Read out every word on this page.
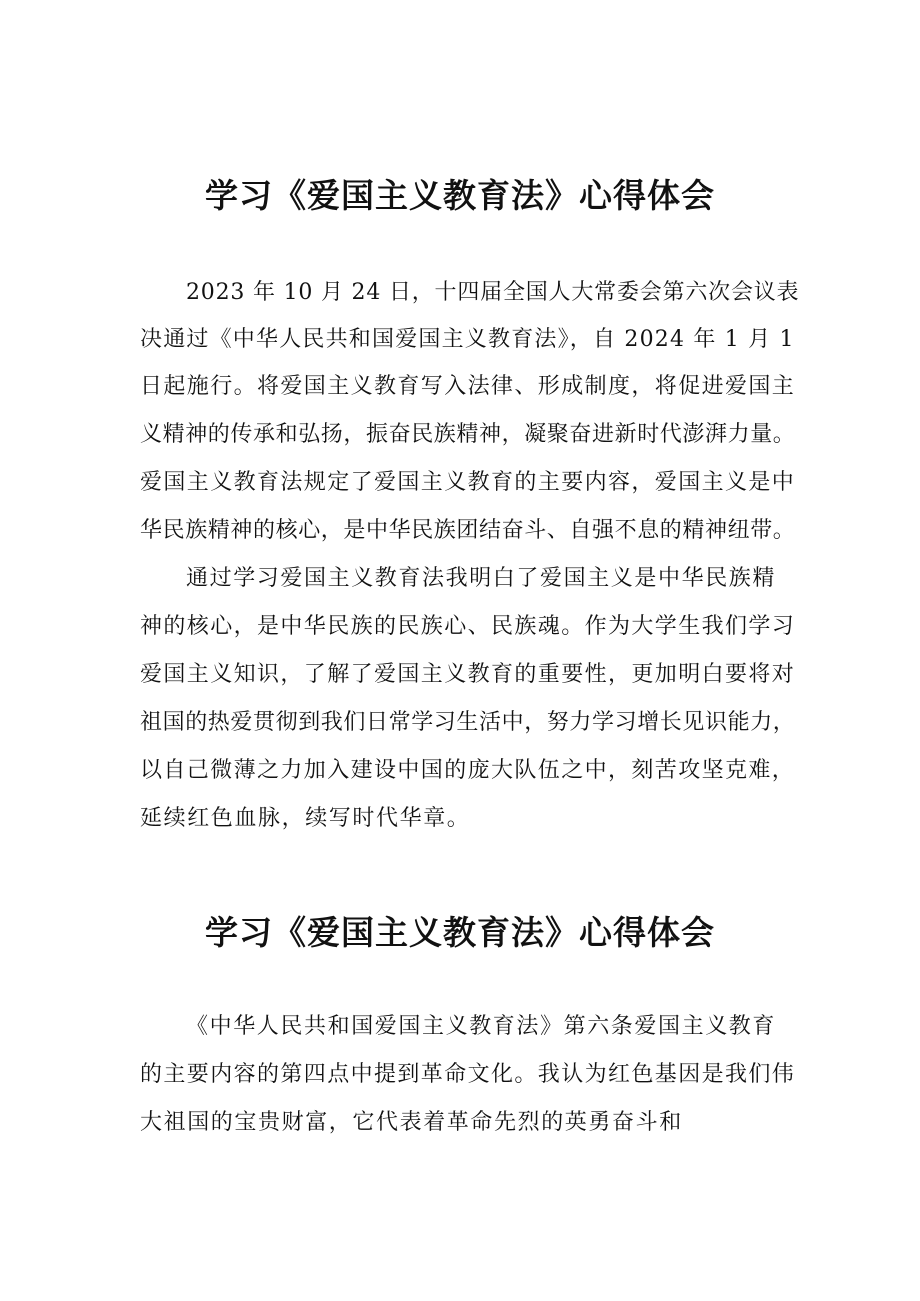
学习《爱国主义教育法》心得体会
2023 年 10 月 24 日，十四届全国人大常委会第六次会议表
决通过《中华人民共和国爱国主义教育法》，自 2024 年 1 月 1
日起施行。将爱国主义教育写入法律、形成制度，将促进爱国主
义精神的传承和弘扬，振奋民族精神，凝聚奋进新时代澎湃力量。
爱国主义教育法规定了爱国主义教育的主要内容，爱国主义是中
华民族精神的核心，是中华民族团结奋斗、自强不息的精神纽带。
通过学习爱国主义教育法我明白了爱国主义是中华民族精
神的核心，是中华民族的民族心、民族魂。作为大学生我们学习
爱国主义知识，了解了爱国主义教育的重要性，更加明白要将对
祖国的热爱贯彻到我们日常学习生活中，努力学习增长见识能力，
以自己微薄之力加入建设中国的庞大队伍之中，刻苦攻坚克难，
延续红色血脉，续写时代华章。
学习《爱国主义教育法》心得体会
《中华人民共和国爱国主义教育法》第六条爱国主义教育
的主要内容的第四点中提到革命文化。我认为红色基因是我们伟
大祖国的宝贵财富，它代表着革命先烈的英勇奋斗和
